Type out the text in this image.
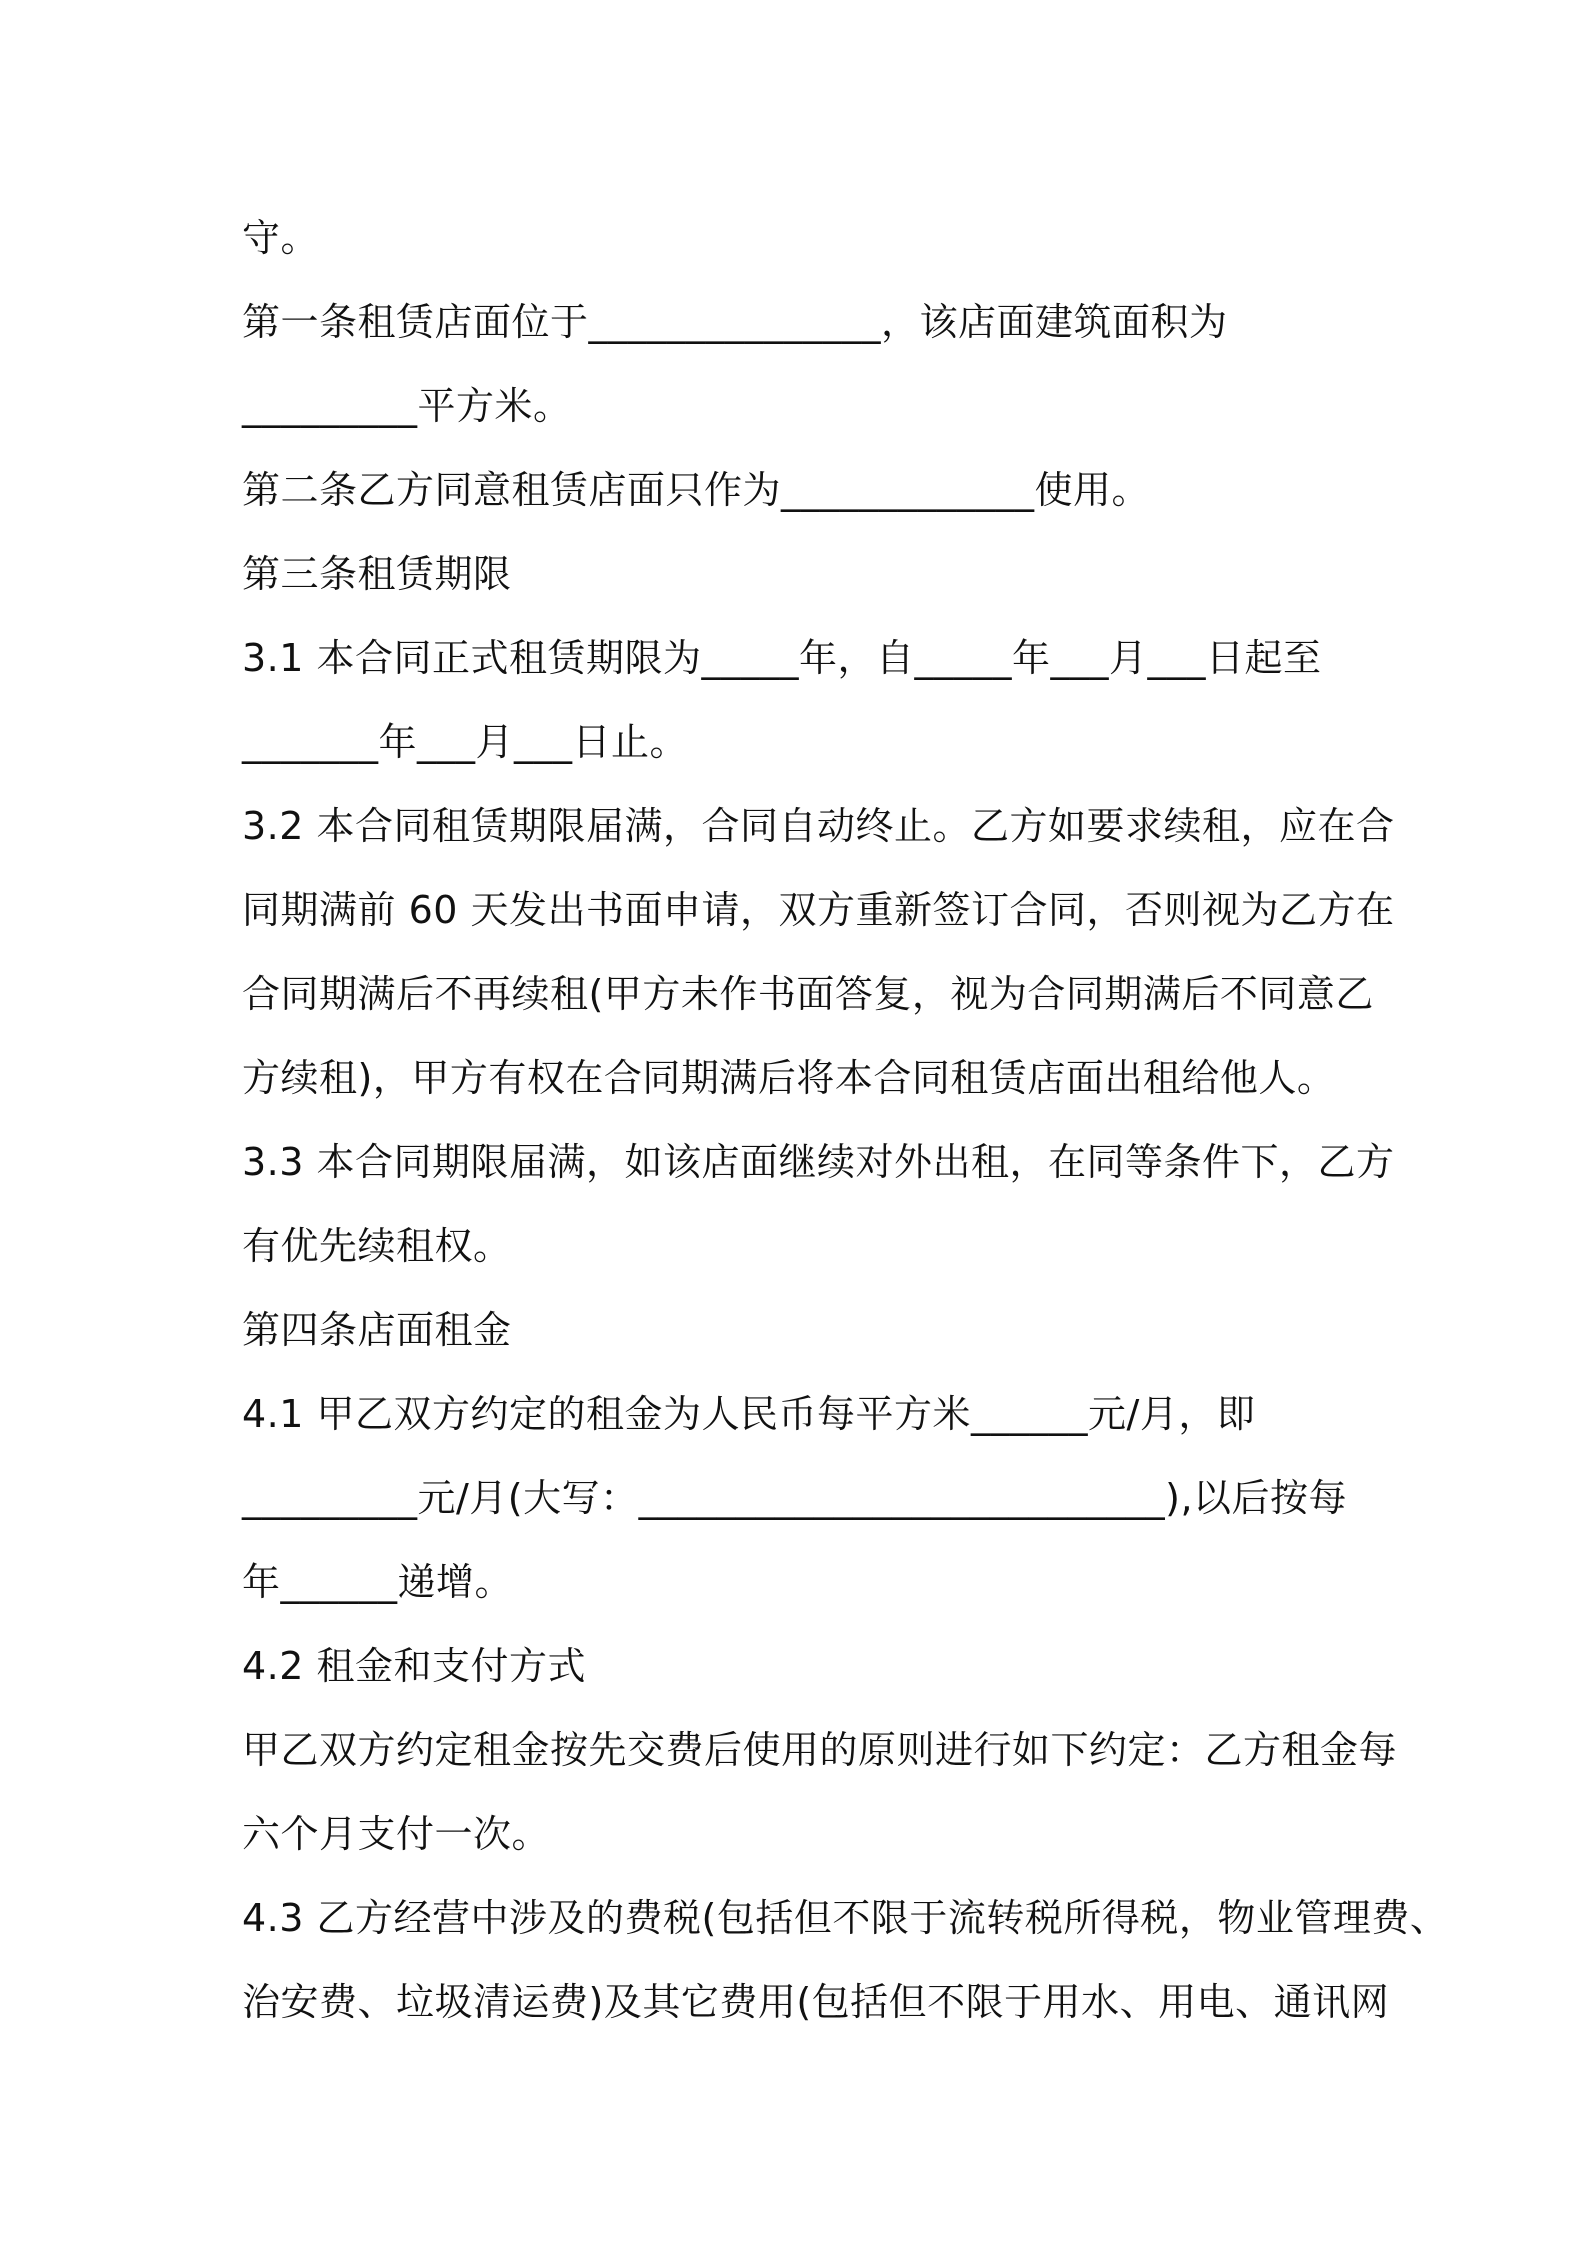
守。
第一条租赁店面位于_______________，该店面建筑面积为
_________平方米。
第二条乙方同意租赁店面只作为_____________使用。
第三条租赁期限
3.1 本合同正式租赁期限为_____年，自_____年___月___日起至
_______年___月___日止。
3.2 本合同租赁期限届满，合同自动终止。乙方如要求续租，应在合
同期满前 60 天发出书面申请，双方重新签订合同，否则视为乙方在
合同期满后不再续租(甲方未作书面答复，视为合同期满后不同意乙
方续租)，甲方有权在合同期满后将本合同租赁店面出租给他人。
3.3 本合同期限届满，如该店面继续对外出租，在同等条件下，乙方
有优先续租权。
第四条店面租金
4.1 甲乙双方约定的租金为人民币每平方米______元/月，即
_________元/月(大写：___________________________),以后按每
年______递增。
4.2 租金和支付方式
甲乙双方约定租金按先交费后使用的原则进行如下约定：乙方租金每
六个月支付一次。
4.3 乙方经营中涉及的费税(包括但不限于流转税所得税，物业管理费、
治安费、垃圾清运费)及其它费用(包括但不限于用水、用电、通讯网
